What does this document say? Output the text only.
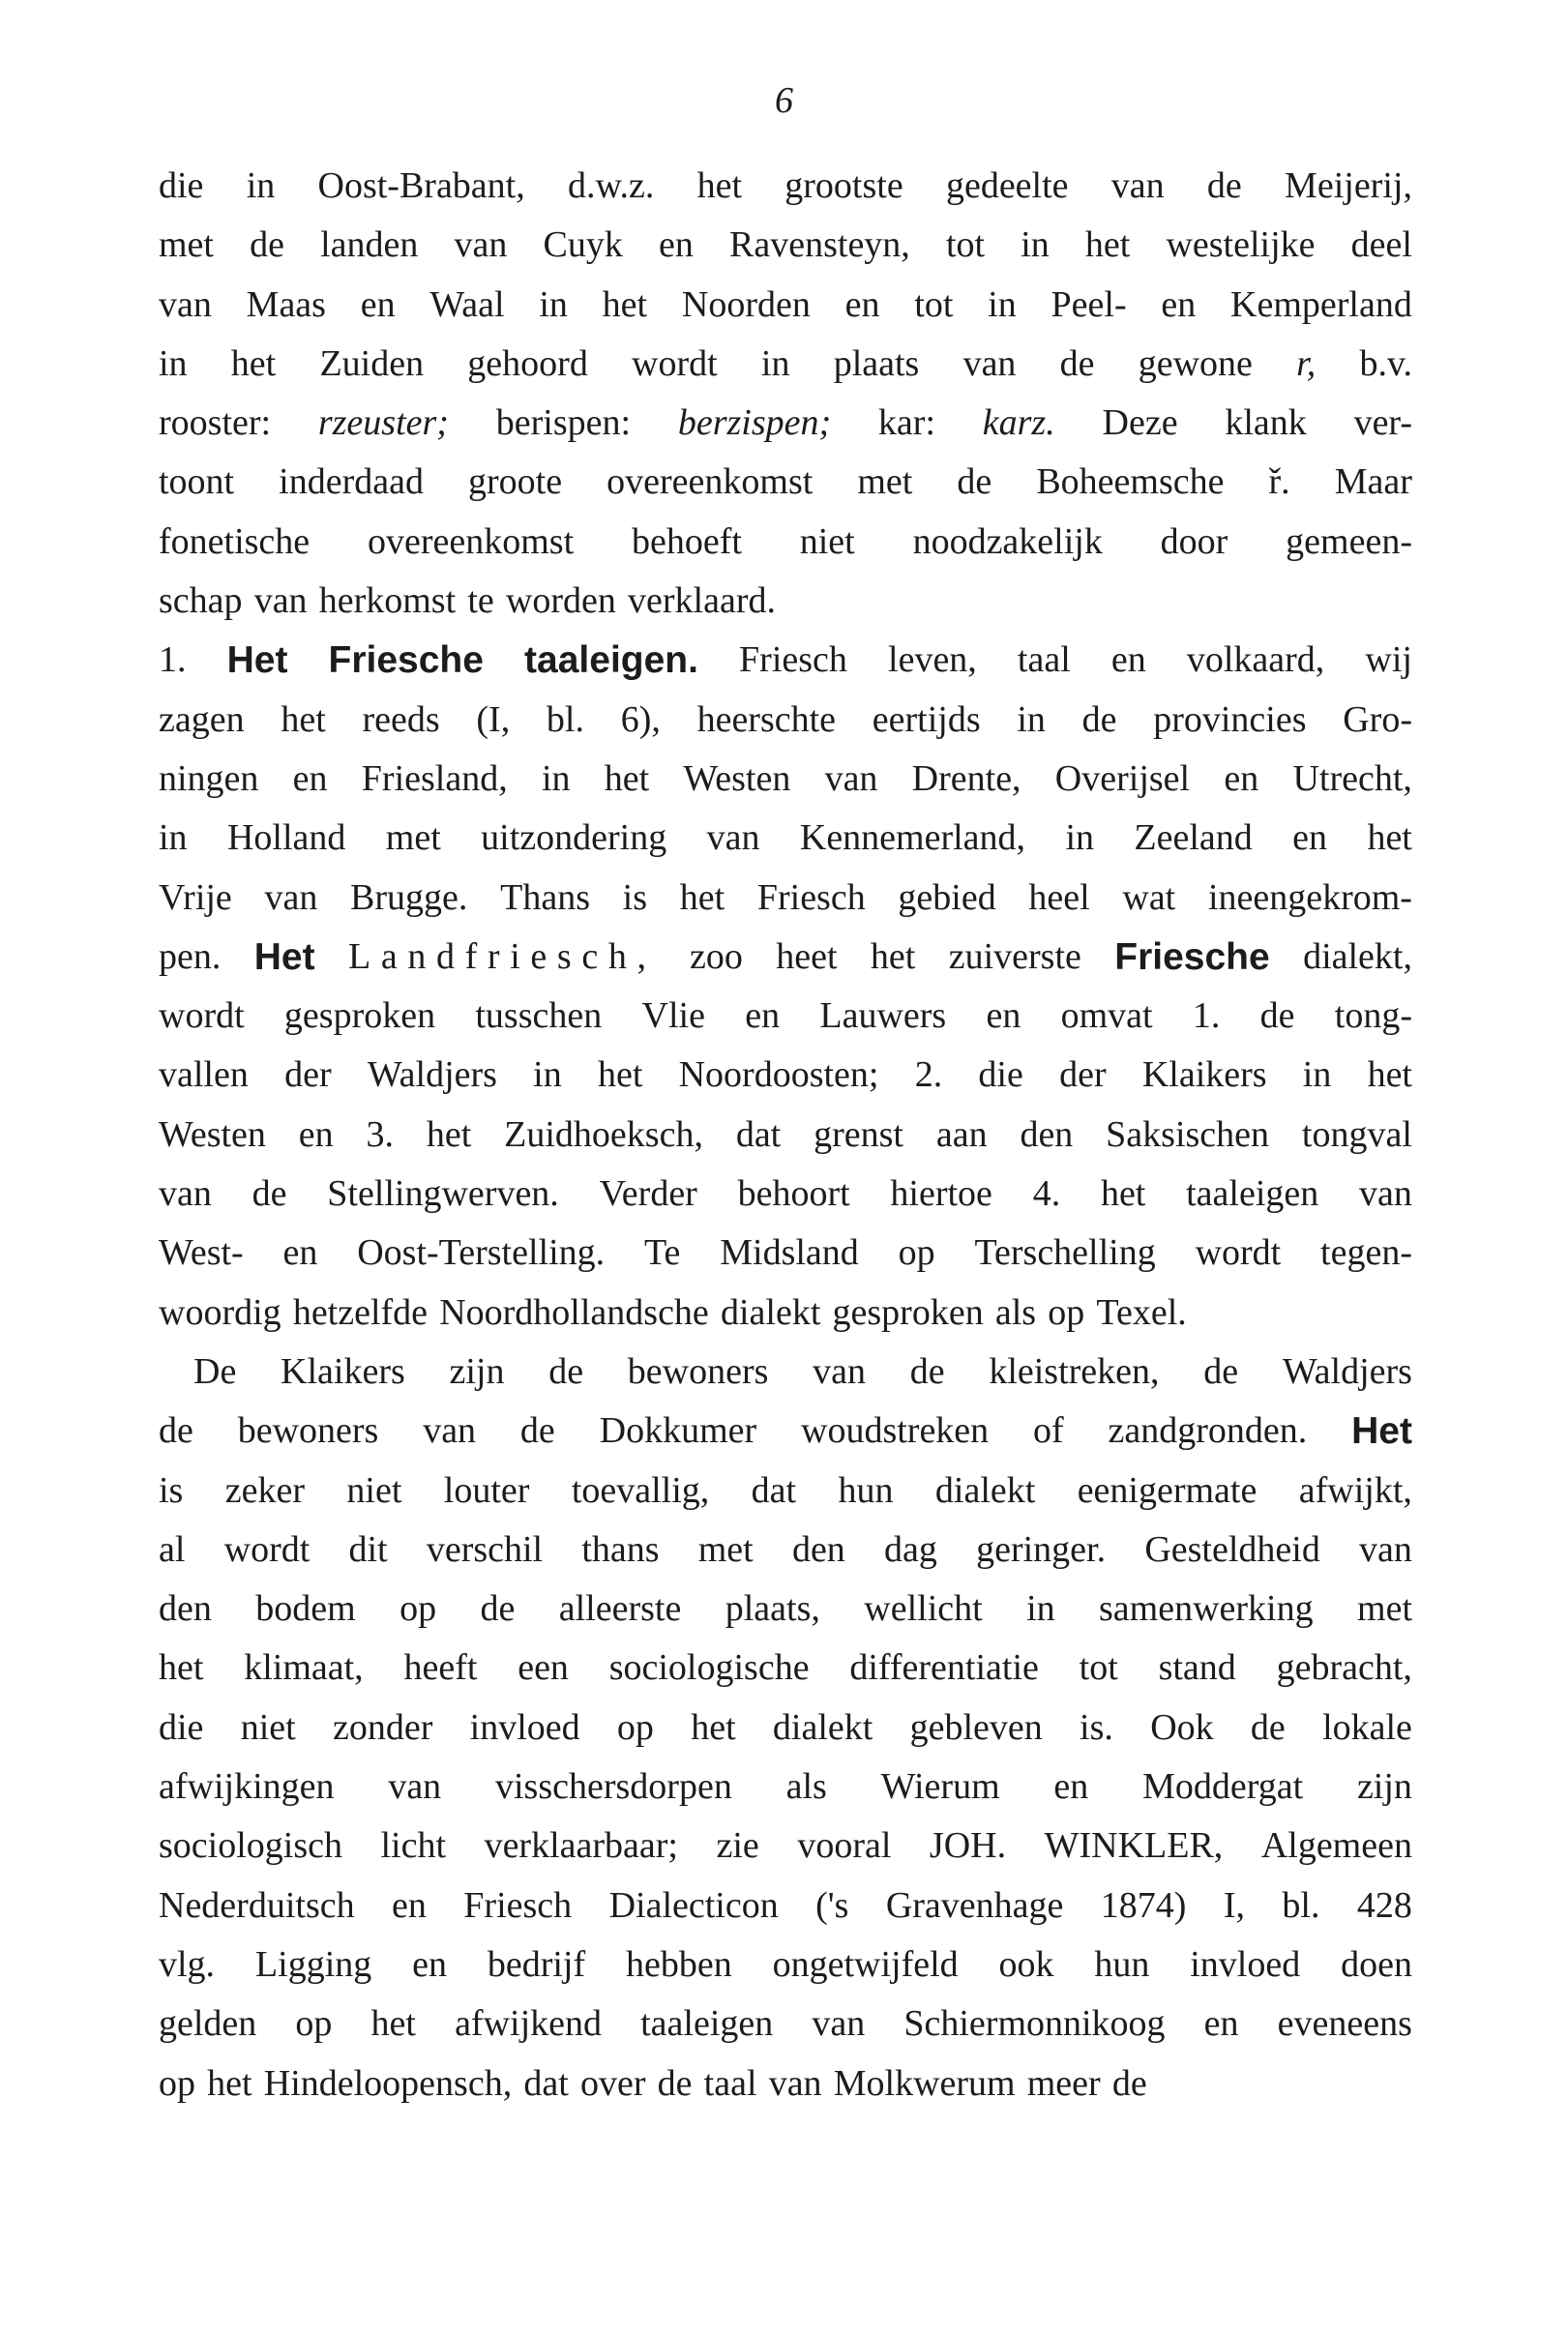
6
die in Oost-Brabant, d.w.z. het grootste gedeelte van de Meijerij,
met de landen van Cuyk en Ravensteyn, tot in het westelijke deel
van Maas en Waal in het Noorden en tot in Peel- en Kemperland
in het Zuiden gehoord wordt in plaats van de gewone r, b.v.
rooster: rzeuster; berispen: berzispen; kar: karz. Deze klank ver-
toont inderdaad groote overeenkomst met de Boheemsche ř. Maar
fonetische overeenkomst behoeft niet noodzakelijk door gemeen-
schap van herkomst te worden verklaard.
1. Het Friesche taaleigen. Friesch leven, taal en volkaard, wij
zagen het reeds (I, bl. 6), heerschte eertijds in de provincies Gro-
ningen en Friesland, in het Westen van Drente, Overijsel en Utrecht,
in Holland met uitzondering van Kennemerland, in Zeeland en het
Vrije van Brugge. Thans is het Friesch gebied heel wat ineengekrom-
pen. Het Landfriesch, zoo heet het zuiverste Friesche dialekt,
wordt gesproken tusschen Vlie en Lauwers en omvat 1. de tong-
vallen der Waldjers in het Noordoosten; 2. die der Klaikers in het
Westen en 3. het Zuidhoeksch, dat grenst aan den Saksischen tongval
van de Stellingwerven. Verder behoort hiertoe 4. het taaleigen van
West- en Oost-Terstelling. Te Midsland op Terschelling wordt tegen-
woordig hetzelfde Noordhollandsche dialekt gesproken als op Texel.
De Klaikers zijn de bewoners van de kleistreken, de Waldjers
de bewoners van de Dokkumer woudstreken of zandgronden. Het
is zeker niet louter toevallig, dat hun dialekt eenigermate afwijkt,
al wordt dit verschil thans met den dag geringer. Gesteldheid van
den bodem op de alleerste plaats, wellicht in samenwerking met
het klimaat, heeft een sociologische differentiatie tot stand gebracht,
die niet zonder invloed op het dialekt gebleven is. Ook de lokale
afwijkingen van visschersdorpen als Wierum en Moddergat zijn
sociologisch licht verklaarbaar; zie vooral JOH. WINKLER, Algemeen
Nederduitsch en Friesch Dialecticon ('s Gravenhage 1874) I, bl. 428
vlg. Ligging en bedrijf hebben ongetwijfeld ook hun invloed doen
gelden op het afwijkend taaleigen van Schiermonnikoog en eveneens
op het Hindeloopensch, dat over de taal van Molkwerum meer de
